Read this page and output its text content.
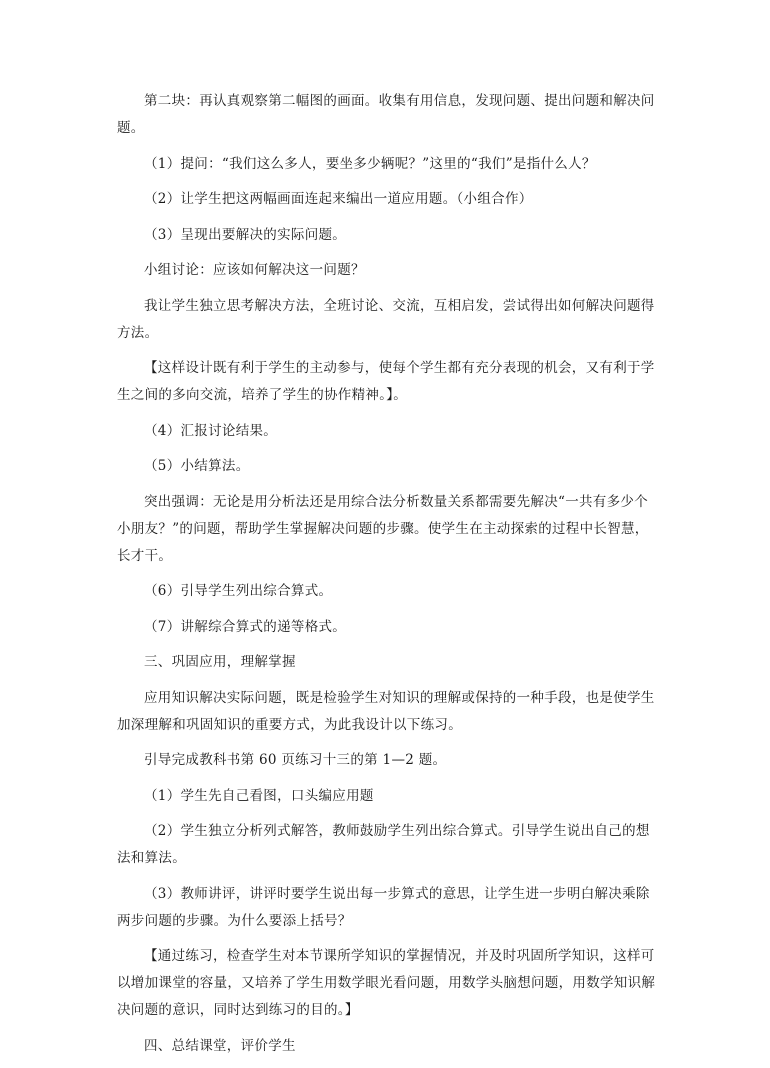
第二块：再认真观察第二幅图的画面。收集有用信息，发现问题、提出问题和解决问题。

（1）提问：“我们这么多人，要坐多少辆呢？”这里的“我们”是指什么人？

（2）让学生把这两幅画面连起来编出一道应用题。（小组合作）

（3）呈现出要解决的实际问题。

小组讨论：应该如何解决这一问题？

我让学生独立思考解决方法，全班讨论、交流，互相启发，尝试得出如何解决问题得方法。

【这样设计既有利于学生的主动参与，使每个学生都有充分表现的机会，又有利于学生之间的多向交流，培养了学生的协作精神。】。

（4）汇报讨论结果。

（5）小结算法。

突出强调：无论是用分析法还是用综合法分析数量关系都需要先解决“一共有多少个小朋友？”的问题，帮助学生掌握解决问题的步骤。使学生在主动探索的过程中长智慧，长才干。

（6）引导学生列出综合算式。

（7）讲解综合算式的递等格式。

三、巩固应用，理解掌握

应用知识解决实际问题，既是检验学生对知识的理解或保持的一种手段，也是使学生加深理解和巩固知识的重要方式，为此我设计以下练习。

引导完成教科书第 60 页练习十三的第 1—2 题。

（1）学生先自己看图，口头编应用题

（2）学生独立分析列式解答，教师鼓励学生列出综合算式。引导学生说出自己的想法和算法。

（3）教师讲评，讲评时要学生说出每一步算式的意思，让学生进一步明白解决乘除两步问题的步骤。为什么要添上括号？

【通过练习，检查学生对本节课所学知识的掌握情况，并及时巩固所学知识，这样可以增加课堂的容量，又培养了学生用数学眼光看问题，用数学头脑想问题，用数学知识解决问题的意识，同时达到练习的目的。】

四、总结课堂，评价学生
